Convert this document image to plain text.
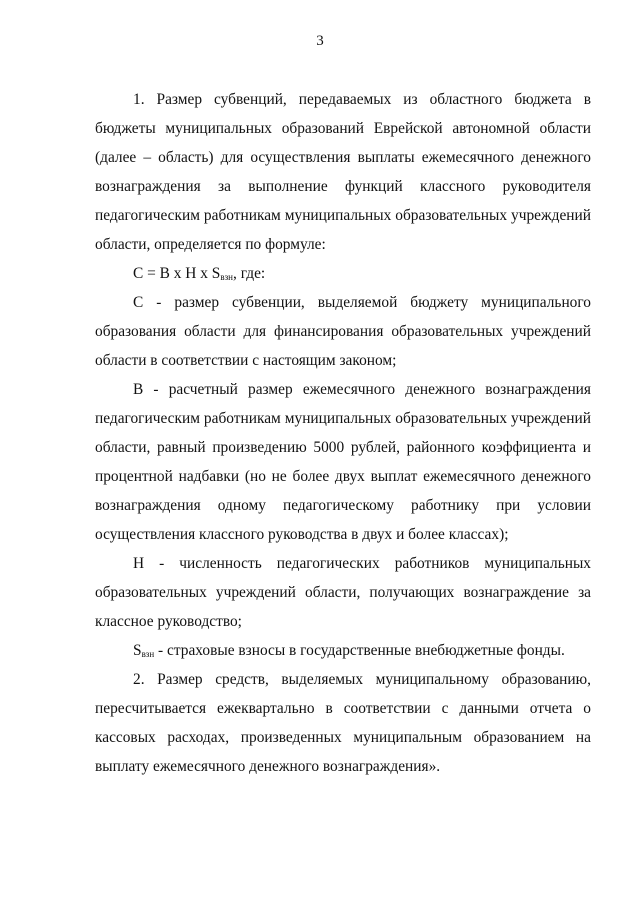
3

1. Размер субвенций, передаваемых из областного бюджета в бюджеты муниципальных образований Еврейской автономной области (далее – область) для осуществления выплаты ежемесячного денежного вознаграждения за выполнение функций классного руководителя педагогическим работникам муниципальных образовательных учреждений области, определяется по формуле:

C = B x H x $S_{взн}$, где:

C - размер субвенции, выделяемой бюджету муниципального образования области для финансирования образовательных учреждений области в соответствии с настоящим законом;

B - расчетный размер ежемесячного денежного вознаграждения педагогическим работникам муниципальных образовательных учреждений области, равный произведению 5000 рублей, районного коэффициента и процентной надбавки (но не более двух выплат ежемесячного денежного вознаграждения одному педагогическому работнику при условии осуществления классного руководства в двух и более классах);

H - численность педагогических работников муниципальных образовательных учреждений области, получающих вознаграждение за классное руководство;

$S_{взн}$ - страховые взносы в государственные внебюджетные фонды.

2. Размер средств, выделяемых муниципальному образованию, пересчитывается ежеквартально в соответствии с данными отчета о кассовых расходах, произведенных муниципальным образованием на выплату ежемесячного денежного вознаграждения».
